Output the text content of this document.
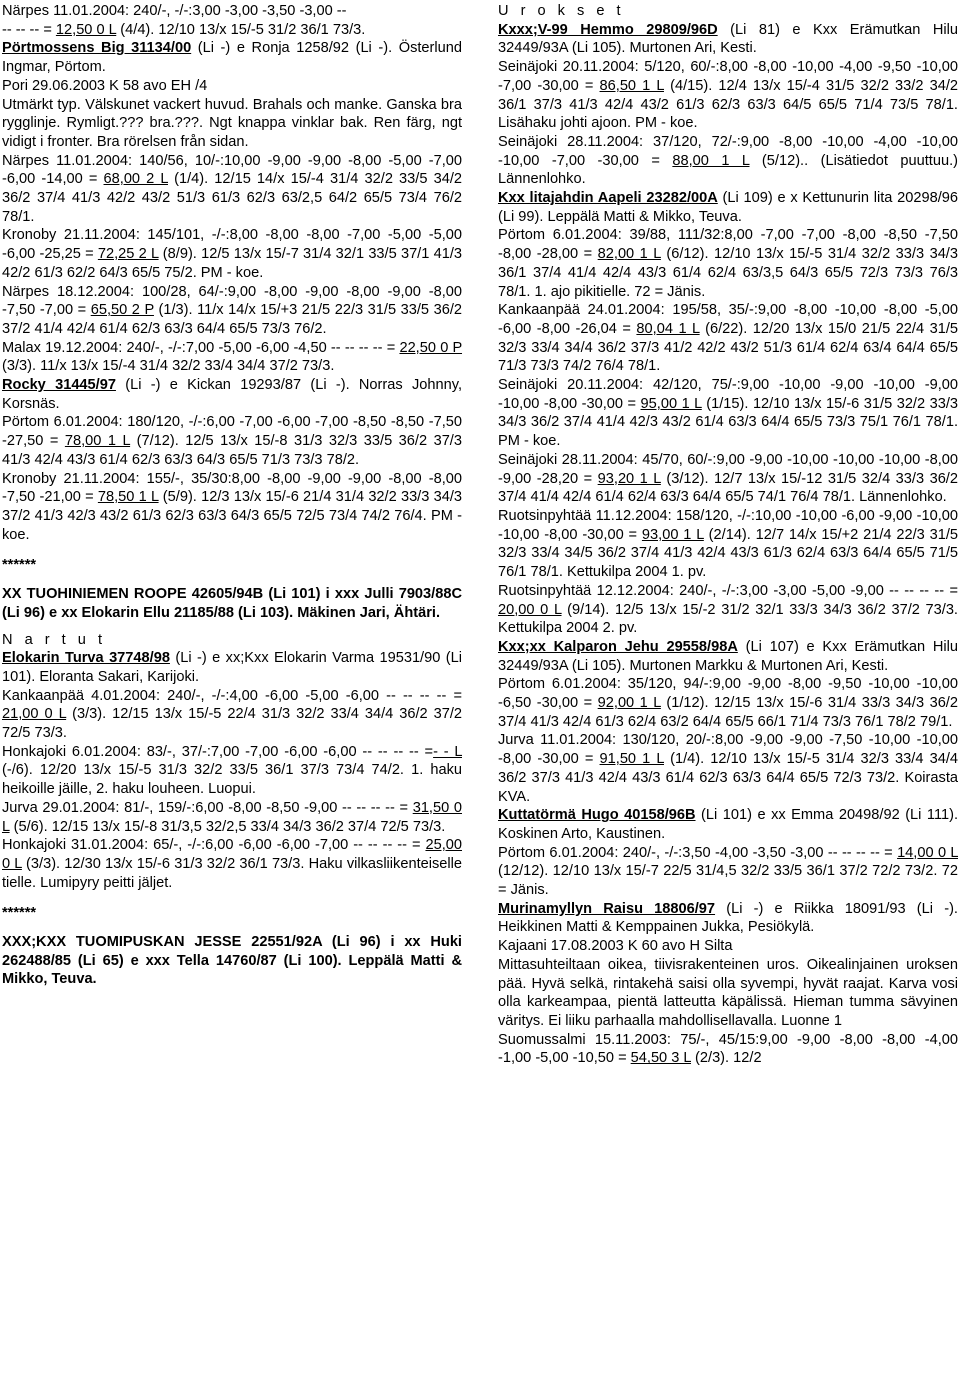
Närpes 11.01.2004: 240/-, -/-:3,00 -3,00 -3,50 -3,00 --

-- -- -- = 12,50 0 L (4/4). 12/10 13/x 15/-5 31/2 36/1 73/3.

Pörtmossens Big 31134/00 (Li -) e Ronja 1258/92 (Li -). Österlund Ingmar, Pörtom.

Pori 29.06.2003 K 58 avo EH /4

Utmärkt typ. Välskunet vackert huvud. Brahals och manke. Ganska bra rygglinje. Rymligt.??? bra.???. Ngt knappa vinklar bak. Ren färg, ngt vidigt i fronter. Bra rörelsen från sidan.

Närpes 11.01.2004: 140/56, 10/-:10,00 -9,00 -9,00 -8,00 -5,00 -7,00 -6,00 -14,00 = 68,00 2 L (1/4). 12/15 14/x 15/-4 31/4 32/2 33/5 34/2 36/2 37/4 41/3 42/2 43/2 51/3 61/3 62/3 63/2,5 64/2 65/5 73/4 76/2 78/1.

Kronoby 21.11.2004: 145/101, -/-:8,00 -8,00 -8,00 -7,00 -5,00 -5,00 -6,00 -25,25 = 72,25 2 L (8/9). 12/5 13/x 15/-7 31/4 32/1 33/5 37/1 41/3 42/2 61/3 62/2 64/3 65/5 75/2. PM - koe.

Närpes 18.12.2004: 100/28, 64/-:9,00 -8,00 -9,00 -8,00 -9,00 -8,00 -7,50 -7,00 = 65,50 2 P (1/3). 11/x 14/x 15/+3 21/5 22/3 31/5 33/5 36/2 37/2 41/4 42/4 61/4 62/3 63/3 64/4 65/5 73/3 76/2.

Malax 19.12.2004: 240/-, -/-:7,00 -5,00 -6,00 -4,50 -- -- -- -- = 22,50 0 P (3/3). 11/x 13/x 15/-4 31/4 32/2 33/4 34/4 37/2 73/3.

Rocky 31445/97 (Li -) e Kickan 19293/87 (Li -). Norras Johnny, Korsnäs.

Pörtom 6.01.2004: 180/120, -/-:6,00 -7,00 -6,00 -7,00 -8,50 -8,50 -7,50 -27,50 = 78,00 1 L (7/12). 12/5 13/x 15/-8 31/3 32/3 33/5 36/2 37/3 41/3 42/4 43/3 61/4 62/3 63/3 64/3 65/5 71/3 73/3 78/2.

Kronoby 21.11.2004: 155/-, 35/30:8,00 -8,00 -9,00 -9,00 -8,00 -8,00 -7,50 -21,00 = 78,50 1 L (5/9). 12/3 13/x 15/-6 21/4 31/4 32/2 33/3 34/3 37/2 41/3 42/3 43/2 61/3 62/3 63/3 64/3 65/5 72/5 73/4 74/2 76/4. PM - koe.

******

XX TUOHINIEMEN ROOPE 42605/94B (Li 101) i xxx Julli 7903/88C (Li 96) e xx Elokarin Ellu 21185/88 (Li 103). Mäkinen Jari, Ähtäri.

N a r t u t

Elokarin Turva 37748/98 (Li -) e xx;Kxx Elokarin Varma 19531/90 (Li 101). Eloranta Sakari, Karijoki.

Kankaanpää 4.01.2004: 240/-, -/-:4,00 -6,00 -5,00 -6,00 -- -- -- -- = 21,00 0 L (3/3). 12/15 13/x 15/-5 22/4 31/3 32/2 33/4 34/4 36/2 37/2 72/5 73/3.

Honkajoki 6.01.2004: 83/-, 37/-:7,00 -7,00 -6,00 -6,00 -- -- -- -- =- - L (-/6). 12/20 13/x 15/-5 31/3 32/2 33/5 36/1 37/3 73/4 74/2. 1. haku heikoille jäille, 2. haku louheen. Luopui.

Jurva 29.01.2004: 81/-, 159/-:6,00 -8,00 -8,50 -9,00 -- -- -- -- = 31,50 0 L (5/6). 12/15 13/x 15/-8 31/3,5 32/2,5 33/4 34/3 36/2 37/4 72/5 73/3.

Honkajoki 31.01.2004: 65/-, -/-:6,00 -6,00 -6,00 -7,00 -- -- -- -- = 25,00 0 L (3/3). 12/30 13/x 15/-6 31/3 32/2 36/1 73/3. Haku vilkasliikenteiselle tielle. Lumipyry peitti jäljet.

******

XXX;KXX TUOMIPUSKAN JESSE 22551/92A (Li 96) i xx Huki 262488/85 (Li 65) e xxx Tella 14760/87 (Li 100). Leppälä Matti & Mikko, Teuva.

U r o k s e t

Kxxx;V-99 Hemmo 29809/96D (Li 81) e Kxx Erämutkan Hilu 32449/93A (Li 105). Murtonen Ari, Kesti.

Seinäjoki 20.11.2004: 5/120, 60/-:8,00 -8,00 -10,00 -4,00 -9,50 -10,00 -7,00 -30,00 = 86,50 1 L (4/15). 12/4 13/x 15/-4 31/5 32/2 33/2 34/2 36/1 37/3 41/3 42/4 43/2 61/3 62/3 63/3 64/5 65/5 71/4 73/5 78/1. Lisähaku johti ajoon. PM - koe.

Seinäjoki 28.11.2004: 37/120, 72/-:9,00 -8,00 -10,00 -4,00 -10,00 -10,00 -7,00 -30,00 = 88,00 1 L (5/12).. (Lisätiedot puuttuu.) Lännenlohko.

Kxx litajahdin Aapeli 23282/00A (Li 109) e x Kettunurin lita 20298/96 (Li 99). Leppälä Matti & Mikko, Teuva.

Pörtom 6.01.2004: 39/88, 111/32:8,00 -7,00 -7,00 -8,00 -8,50 -7,50 -8,00 -28,00 = 82,00 1 L (6/12). 12/10 13/x 15/-5 31/4 32/2 33/3 34/3 36/1 37/4 41/4 42/4 43/3 61/4 62/4 63/3,5 64/3 65/5 72/3 73/3 76/3 78/1. 1. ajo pikitielle. 72 = Jänis.

Kankaanpää 24.01.2004: 195/58, 35/-:9,00 -8,00 -10,00 -8,00 -5,00 -6,00 -8,00 -26,04 = 80,04 1 L (6/22). 12/20 13/x 15/0 21/5 22/4 31/5 32/3 33/4 34/4 36/2 37/3 41/2 42/2 43/2 51/3 61/4 62/4 63/4 64/4 65/5 71/3 73/3 74/2 76/4 78/1.

Seinäjoki 20.11.2004: 42/120, 75/-:9,00 -10,00 -9,00 -10,00 -9,00 -10,00 -8,00 -30,00 = 95,00 1 L (1/15). 12/10 13/x 15/-6 31/5 32/2 33/3 34/3 36/2 37/4 41/4 42/3 43/2 61/4 63/3 64/4 65/5 73/3 75/1 76/1 78/1. PM - koe.

Seinäjoki 28.11.2004: 45/70, 60/-:9,00 -9,00 -10,00 -10,00 -10,00 -8,00 -9,00 -28,20 = 93,20 1 L (3/12). 12/7 13/x 15/-12 31/5 32/4 33/3 36/2 37/4 41/4 42/4 61/4 62/4 63/3 64/4 65/5 74/1 76/4 78/1. Lännenlohko.

Ruotsinpyhtää 11.12.2004: 158/120, -/-:10,00 -10,00 -6,00 -9,00 -10,00 -10,00 -8,00 -30,00 = 93,00 1 L (2/14). 12/7 14/x 15/+2 21/4 22/3 31/5 32/3 33/4 34/5 36/2 37/4 41/3 42/4 43/3 61/3 62/4 63/3 64/4 65/5 71/5 76/1 78/1. Kettukilpa 2004 1. pv.

Ruotsinpyhtää 12.12.2004: 240/-, -/-:3,00 -3,00 -5,00 -9,00 -- -- -- -- = 20,00 0 L (9/14). 12/5 13/x 15/-2 31/2 32/1 33/3 34/3 36/2 37/2 73/3. Kettukilpa 2004 2. pv.

Kxx;xx Kalparon Jehu 29558/98A (Li 107) e Kxx Erämutkan Hilu 32449/93A (Li 105). Murtonen Markku & Murtonen Ari, Kesti.

Pörtom 6.01.2004: 35/120, 94/-:9,00 -9,00 -8,00 -9,50 -10,00 -10,00 -6,50 -30,00 = 92,00 1 L (1/12). 12/15 13/x 15/-6 31/4 33/3 34/3 36/2 37/4 41/3 42/4 61/3 62/4 63/2 64/4 65/5 66/1 71/4 73/3 76/1 78/2 79/1.

Jurva 11.01.2004: 130/120, 20/-:8,00 -9,00 -9,00 -7,50 -10,00 -10,00 -8,00 -30,00 = 91,50 1 L (1/4). 12/10 13/x 15/-5 31/4 32/3 33/4 34/4 36/2 37/3 41/3 42/4 43/3 61/4 62/3 63/3 64/4 65/5 72/3 73/2. Koirasta KVA.

Kuttatörmä Hugo 40158/96B (Li 101) e xx Emma 20498/92 (Li 111). Koskinen Arto, Kaustinen.

Pörtom 6.01.2004: 240/-, -/-:3,50 -4,00 -3,50 -3,00 -- -- -- -- = 14,00 0 L (12/12). 12/10 13/x 15/-7 22/5 31/4,5 32/2 33/5 36/1 37/2 72/2 73/2. 72 = Jänis.

Murinamyllyn Raisu 18806/97 (Li -) e Riikka 18091/93 (Li -). Heikkinen Matti & Kemppainen Jukka, Pesiökylä.

Kajaani 17.08.2003 K 60 avo H Silta

Mittasuhteiltaan oikea, tiivisrakenteinen uros. Oikealinjainen uroksen pää. Hyvä selkä, rintakehä saisi olla syvempi, hyvät raajat. Karva vosi olla karkeampaa, pientä latteutta käpälissä. Hieman tumma sävyinen väritys. Ei liiku parhaalla mahdollisellavalla. Luonne 1

Suomussalmi 15.11.2003: 75/-, 45/15:9,00 -9,00 -8,00 -8,00 -4,00 -1,00 -5,00 -10,50 = 54,50 3 L (2/3). 12/2
